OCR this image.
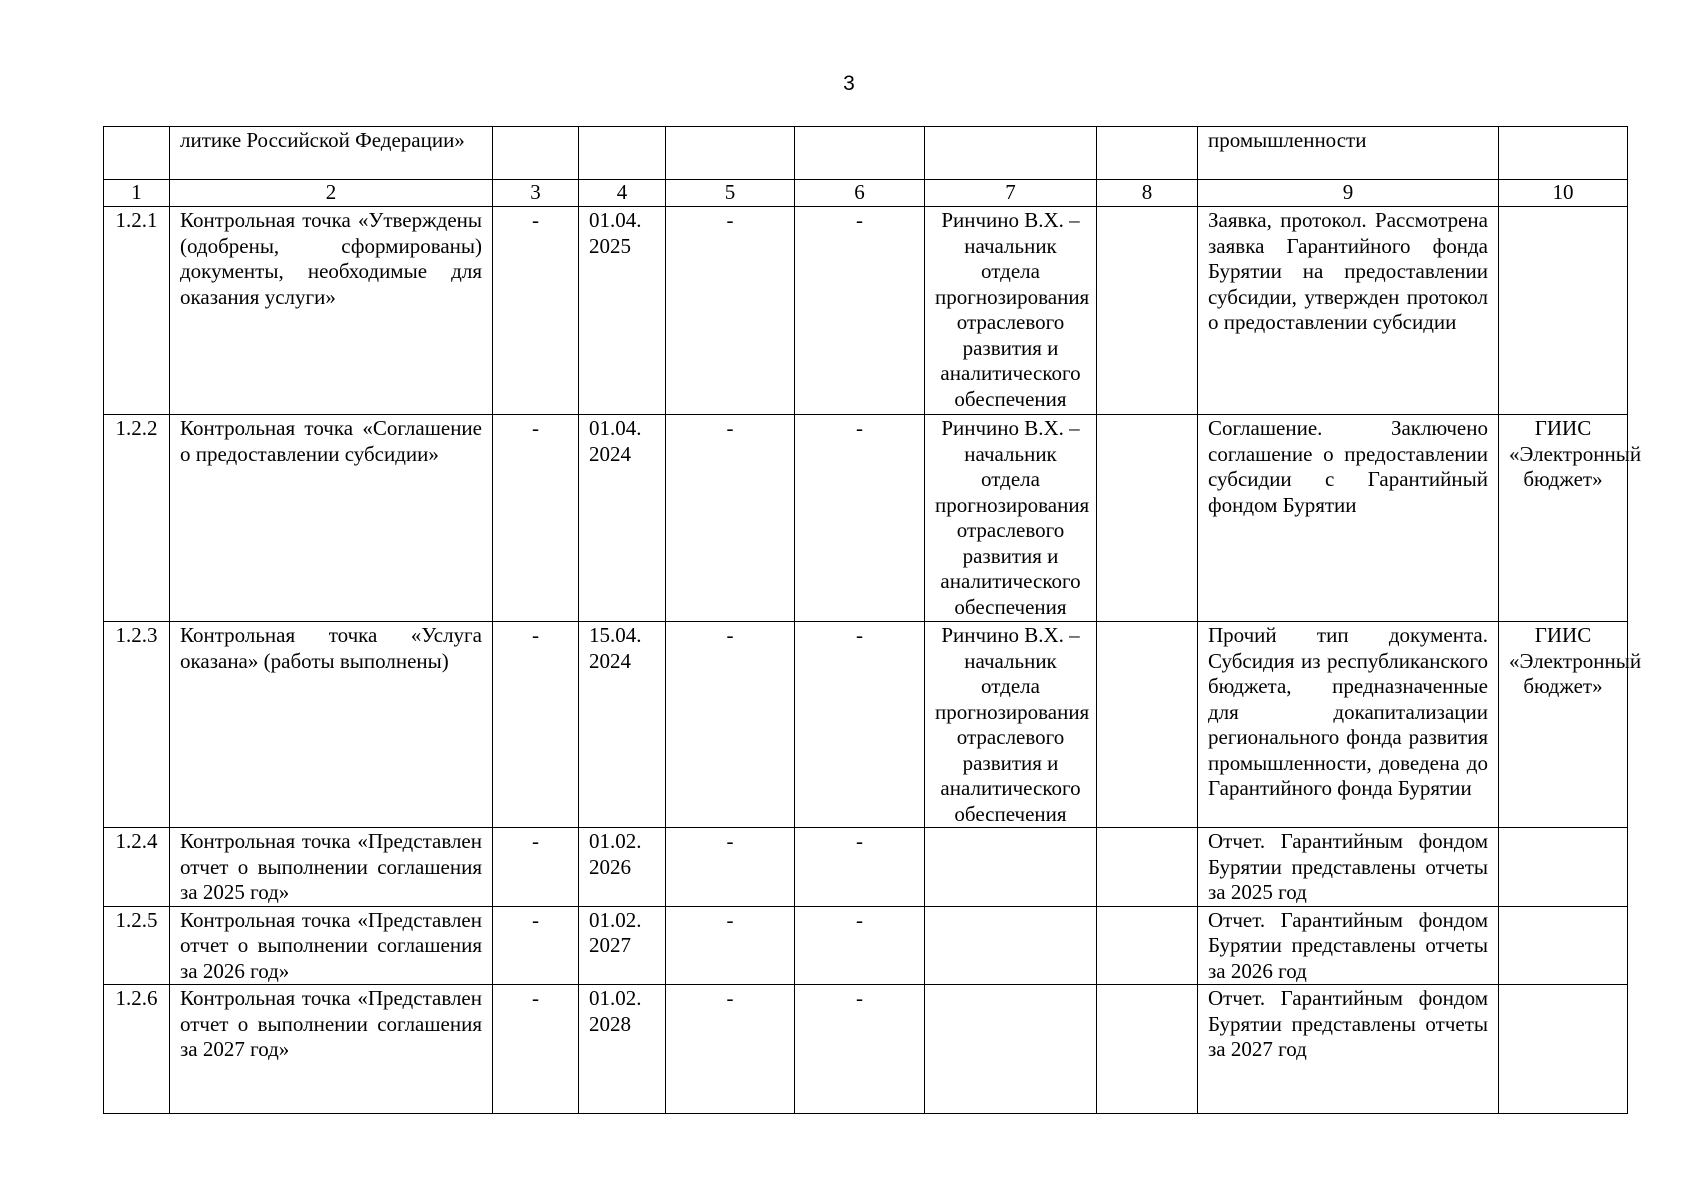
3
	литике Российской Федерации»							промышленности	
1	2	3	4	5	6	7	8	9	10
1.2.1	Контрольная точка «Утверждены (одобрены, сформированы) документы, необходимые для оказания услуги»	-	01.04. 2025	-	-	Ринчино В.Х. – начальник отдела прогнозирования отраслевого развития и аналитического обеспечения		Заявка, протокол. Рассмотрена заявка Гарантийного фонда Бурятии на предоставлении субсидии, утвержден протокол о предоставлении субсидии	
1.2.2	Контрольная точка «Соглашение о предоставлении субсидии»	-	01.04. 2024	-	-	Ринчино В.Х. – начальник отдела прогнозирования отраслевого развития и аналитического обеспечения		Соглашение. Заключено соглашение о предоставлении субсидии с Гарантийный фондом Бурятии	ГИИС «Электронный бюджет»
1.2.3	Контрольная точка «Услуга оказана» (работы выполнены)	-	15.04. 2024	-	-	Ринчино В.Х. – начальник отдела прогнозирования отраслевого развития и аналитического обеспечения		Прочий тип документа. Субсидия из республиканского бюджета, предназначенные для докапитализации регионального фонда развития промышленности, доведена до Гарантийного фонда Бурятии	ГИИС «Электронный бюджет»
1.2.4	Контрольная точка «Представлен отчет о выполнении соглашения за 2025 год»	-	01.02. 2026	-	-			Отчет. Гарантийным фондом Бурятии представлены отчеты за 2025 год	
1.2.5	Контрольная точка «Представлен отчет о выполнении соглашения за 2026 год»	-	01.02. 2027	-	-			Отчет. Гарантийным фондом Бурятии представлены отчеты за 2026 год	
1.2.6	Контрольная точка «Представлен отчет о выполнении соглашения за 2027 год»	-	01.02. 2028	-	-			Отчет. Гарантийным фондом Бурятии представлены отчеты за 2027 год	
